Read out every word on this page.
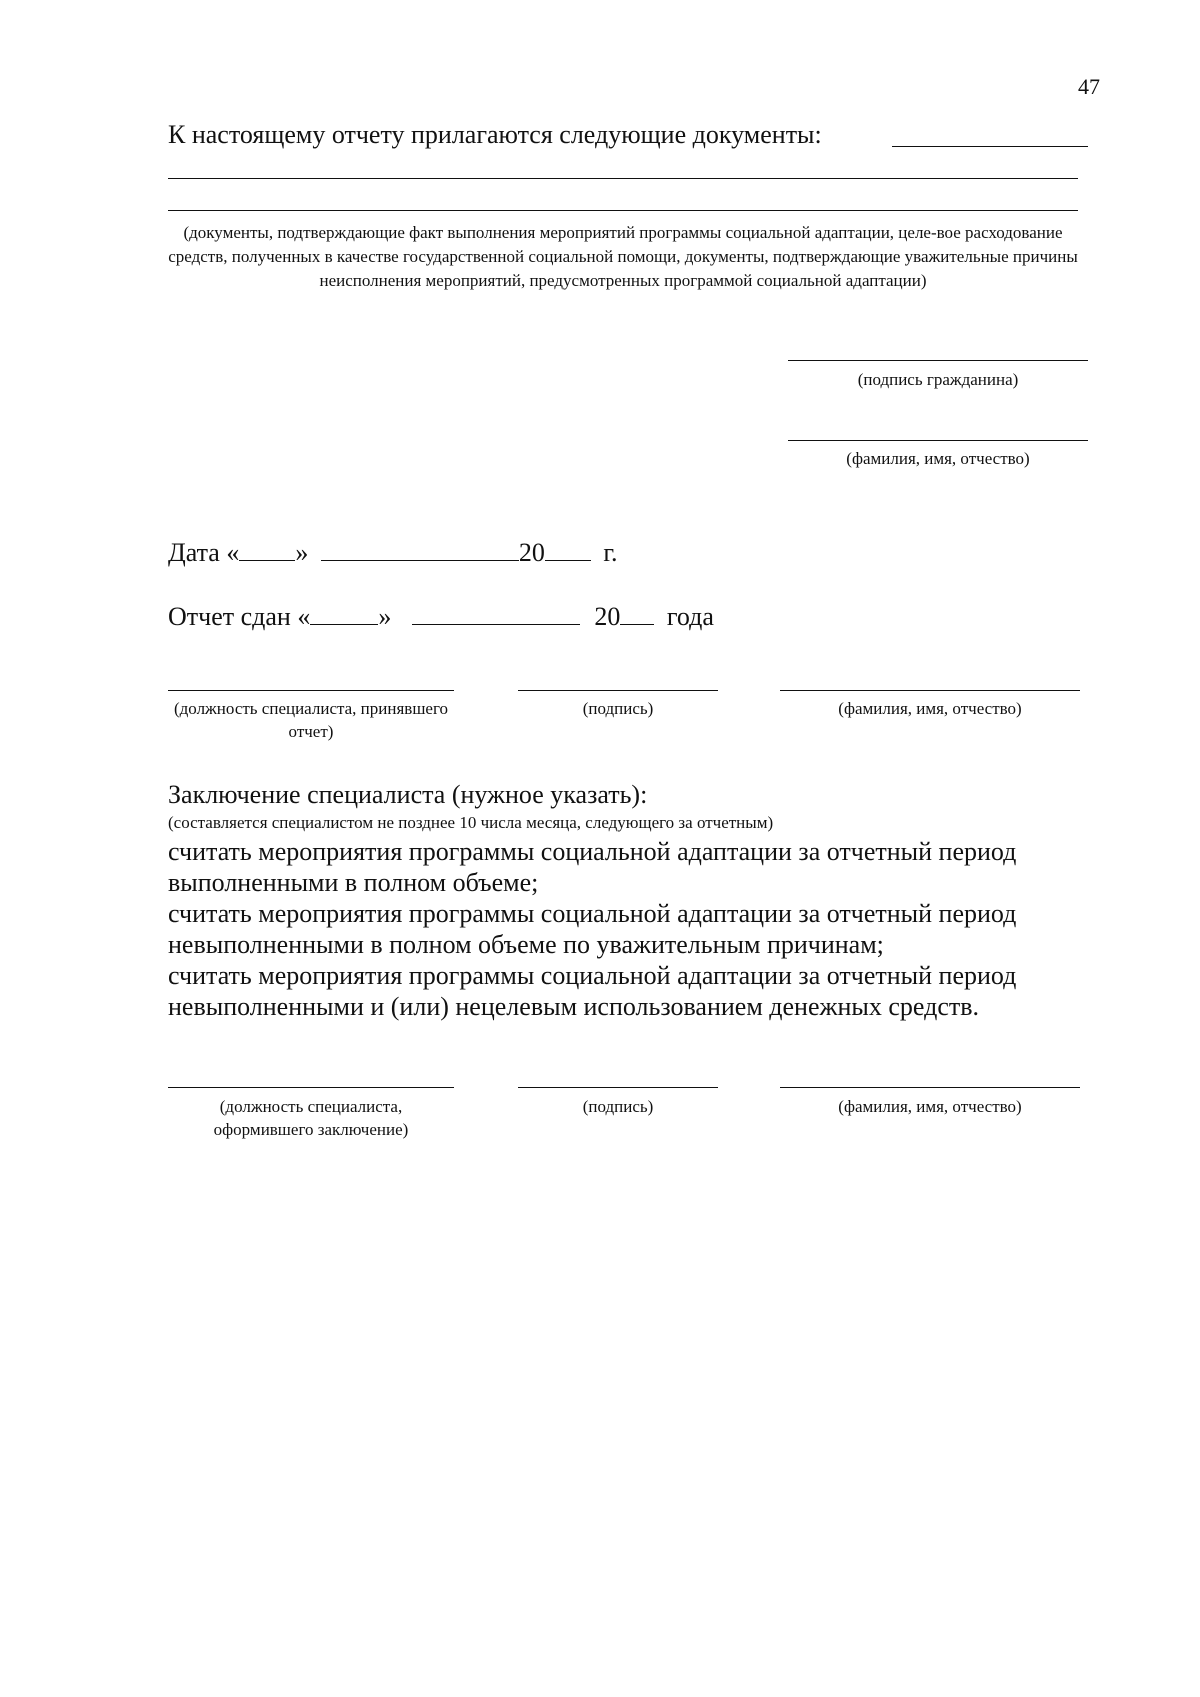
47
К настоящему отчету прилагаются следующие документы:
(документы, подтверждающие факт выполнения мероприятий программы социальной адаптации, целе-вое расходование средств, полученных в качестве государственной социальной помощи, документы, подтверждающие уважительные причины неисполнения мероприятий, предусмотренных программой социальной адаптации)
(подпись гражданина)
(фамилия, имя, отчество)
Дата « »	20 г.
Отчет сдан «	»	20 года
(должность специалиста, принявшего отчет)
(подпись)	(фамилия, имя, отчество)
Заключение специалиста (нужное указать):
(составляется специалистом не позднее 10 числа месяца, следующего за отчетным)
считать мероприятия программы социальной адаптации за отчетный период
выполненными в полном объеме;
считать мероприятия программы социальной адаптации за отчетный период
невыполненными в полном объеме по уважительным причинам;
считать мероприятия программы социальной адаптации за отчетный период
невыполненными и (или) нецелевым использованием денежных средств.
(должность специалиста, оформившего заключение)
(подпись)	(фамилия, имя, отчество)
